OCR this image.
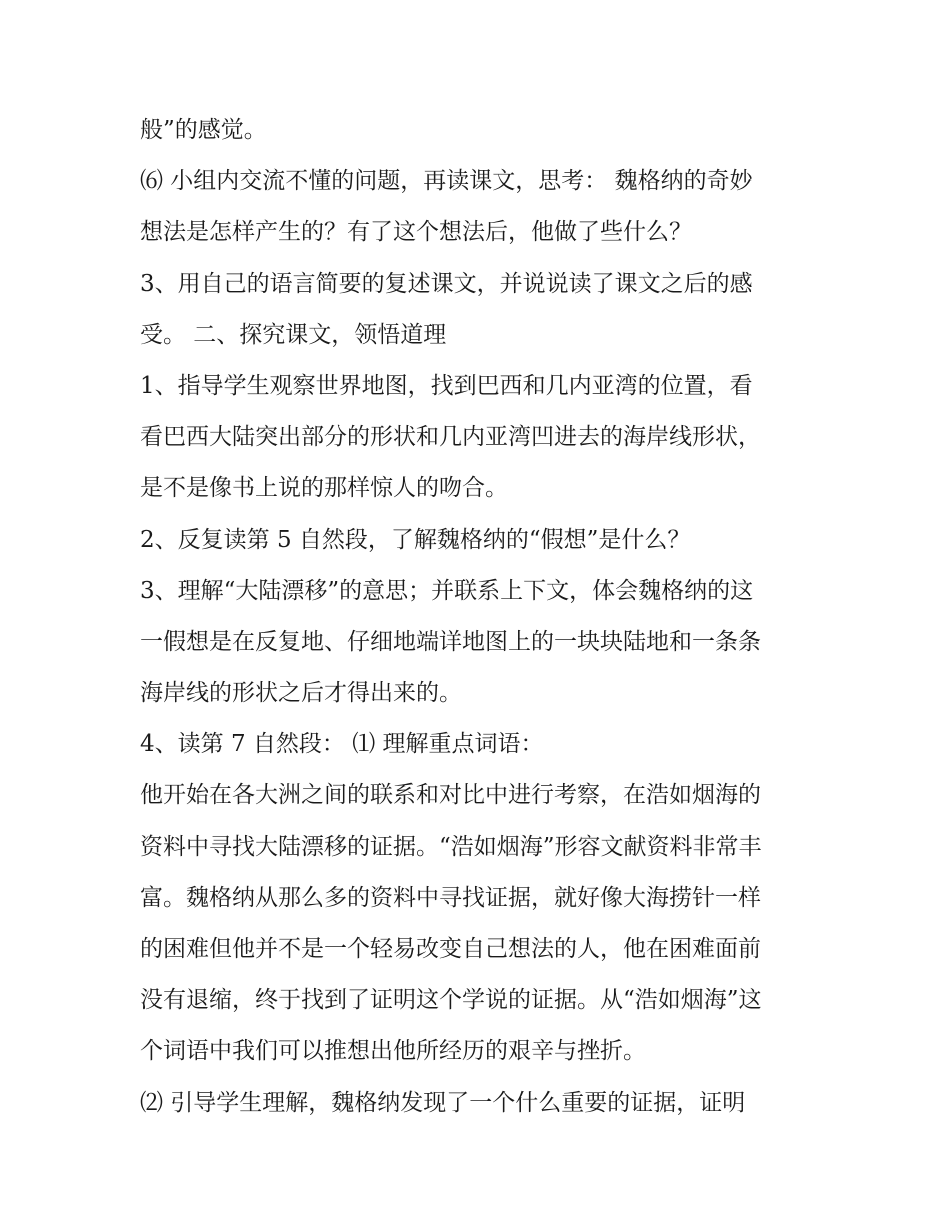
般”的感觉。
⑹ 小组内交流不懂的问题，再读课文，思考： 魏格纳的奇妙
想法是怎样产生的？有了这个想法后，他做了些什么？
3、用自己的语言简要的复述课文，并说说读了课文之后的感
受。 二、探究课文，领悟道理
1、指导学生观察世界地图，找到巴西和几内亚湾的位置，看
看巴西大陆突出部分的形状和几内亚湾凹进去的海岸线形状，
是不是像书上说的那样惊人的吻合。
2、反复读第 5 自然段，了解魏格纳的“假想”是什么？
3、理解“大陆漂移”的意思；并联系上下文，体会魏格纳的这
一假想是在反复地、仔细地端详地图上的一块块陆地和一条条
海岸线的形状之后才得出来的。
4、读第 7 自然段： ⑴ 理解重点词语：
他开始在各大洲之间的联系和对比中进行考察，在浩如烟海的
资料中寻找大陆漂移的证据。“浩如烟海”形容文献资料非常丰
富。魏格纳从那么多的资料中寻找证据，就好像大海捞针一样
的困难但他并不是一个轻易改变自己想法的人，他在困难面前
没有退缩，终于找到了证明这个学说的证据。从“浩如烟海”这
个词语中我们可以推想出他所经历的艰辛与挫折。
⑵ 引导学生理解，魏格纳发现了一个什么重要的证据，证明
